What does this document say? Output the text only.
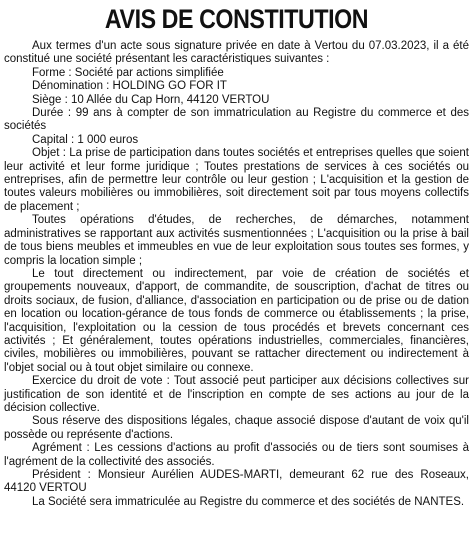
AVIS DE CONSTITUTION

Aux termes d'un acte sous signature privée en date à Vertou du 07.03.2023, il a été constitué une société présentant les caractéristiques suivantes :

Forme : Société par actions simplifiée

Dénomination : HOLDING GO FOR IT

Siège : 10 Allée du Cap Horn, 44120 VERTOU

Durée : 99 ans à compter de son immatriculation au Registre du commerce et des sociétés

Capital : 1 000 euros

Objet : La prise de participation dans toutes sociétés et entreprises quelles que soient leur activité et leur forme juridique ; Toutes prestations de services à ces sociétés ou entreprises, afin de permettre leur contrôle ou leur gestion ; L'acquisition et la gestion de toutes valeurs mobilières ou immobilières, soit directement soit par tous moyens collectifs de placement ;

Toutes opérations d'études, de recherches, de démarches, notamment administratives se rapportant aux activités susmentionnées ; L'acquisition ou la prise à bail de tous biens meubles et immeubles en vue de leur exploitation sous toutes ses formes, y compris la location simple ;

Le tout directement ou indirectement, par voie de création de sociétés et groupements nouveaux, d'apport, de commandite, de souscription, d'achat de titres ou droits sociaux, de fusion, d'alliance, d'association en participation ou de prise ou de dation en location ou location-gérance de tous fonds de commerce ou établissements ; la prise, l'acquisition, l'exploitation ou la cession de tous procédés et brevets concernant ces activités ; Et généralement, toutes opérations industrielles, commerciales, financières, civiles, mobilières ou immobilières, pouvant se rattacher directement ou indirectement à l'objet social ou à tout objet similaire ou connexe.

Exercice du droit de vote : Tout associé peut participer aux décisions collectives sur justification de son identité et de l'inscription en compte de ses actions au jour de la décision collective.

Sous réserve des dispositions légales, chaque associé dispose d'autant de voix qu'il possède ou représente d'actions.

Agrément : Les cessions d'actions au profit d'associés ou de tiers sont soumises à l'agrément de la collectivité des associés.

Président : Monsieur Aurélien AUDES-MARTI, demeurant 62 rue des Roseaux, 44120 VERTOU

La Société sera immatriculée au Registre du commerce et des sociétés de NANTES.
